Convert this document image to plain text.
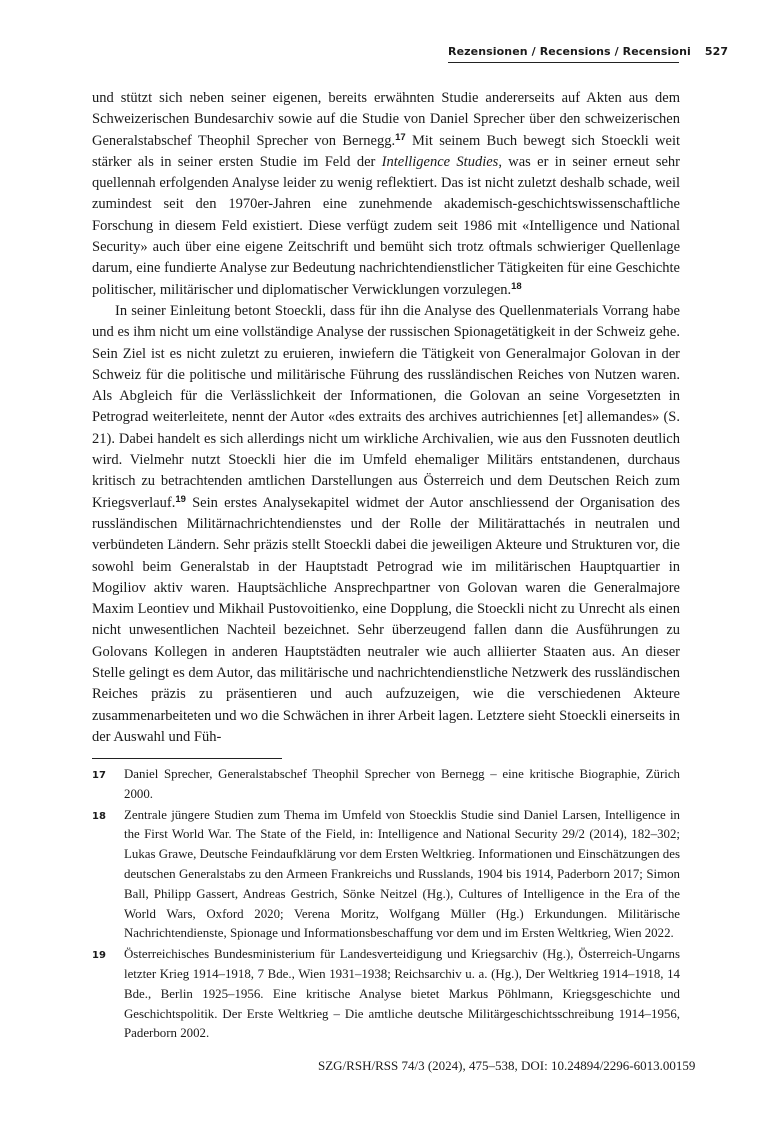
Rezensionen / Recensions / Recensioni 527

und stützt sich neben seiner eigenen, bereits erwähnten Studie andererseits auf Akten aus dem Schweizerischen Bundesarchiv sowie auf die Studie von Daniel Sprecher über den schweizerischen Generalstabschef Theophil Sprecher von Bernegg.$^{17}$ Mit seinem Buch bewegt sich Stoeckli weit stärker als in seiner ersten Studie im Feld der Intelligence Studies, was er in seiner erneut sehr quellennah erfolgenden Analyse leider zu wenig reflektiert. Das ist nicht zuletzt deshalb schade, weil zumindest seit den 1970er-Jahren eine zunehmende akademisch-geschichtswissenschaftliche Forschung in diesem Feld existiert. Diese verfügt zudem seit 1986 mit «Intelligence und National Security» auch über eine eigene Zeitschrift und bemüht sich trotz oftmals schwieriger Quellenlage darum, eine fundierte Analyse zur Bedeutung nachrichtendienstlicher Tätigkeiten für eine Geschichte politischer, militärischer und diplomatischer Verwicklungen vorzulegen.$^{18}$

In seiner Einleitung betont Stoeckli, dass für ihn die Analyse des Quellenmaterials Vorrang habe und es ihm nicht um eine vollständige Analyse der russischen Spionagetätigkeit in der Schweiz gehe. Sein Ziel ist es nicht zuletzt zu eruieren, inwiefern die Tätigkeit von Generalmajor Golovan in der Schweiz für die politische und militärische Führung des russländischen Reiches von Nutzen waren. Als Abgleich für die Verlässlichkeit der Informationen, die Golovan an seine Vorgesetzten in Petrograd weiterleitete, nennt der Autor «des extraits des archives autrichiennes [et] allemandes» (S. 21). Dabei handelt es sich allerdings nicht um wirkliche Archivalien, wie aus den Fussnoten deutlich wird. Vielmehr nutzt Stoeckli hier die im Umfeld ehemaliger Militärs entstandenen, durchaus kritisch zu betrachtenden amtlichen Darstellungen aus Österreich und dem Deutschen Reich zum Kriegsverlauf.$^{19}$ Sein erstes Analysekapitel widmet der Autor anschliessend der Organisation des russländischen Militärnachrichtendienstes und der Rolle der Militärattachés in neutralen und verbündeten Ländern. Sehr präzis stellt Stoeckli dabei die jeweiligen Akteure und Strukturen vor, die sowohl beim Generalstab in der Hauptstadt Petrograd wie im militärischen Hauptquartier in Mogiliov aktiv waren. Hauptsächliche Ansprechpartner von Golovan waren die Generalmajore Maxim Leontiev und Mikhail Pustovoitienko, eine Dopplung, die Stoeckli nicht zu Unrecht als einen nicht unwesentlichen Nachteil bezeichnet. Sehr überzeugend fallen dann die Ausführungen zu Golovans Kollegen in anderen Hauptstädten neutraler wie auch alliierter Staaten aus. An dieser Stelle gelingt es dem Autor, das militärische und nachrichtendienstliche Netzwerk des russländischen Reiches präzis zu präsentieren und auch aufzuzeigen, wie die verschiedenen Akteure zusammenarbeiteten und wo die Schwächen in ihrer Arbeit lagen. Letztere sieht Stoeckli einerseits in der Auswahl und Füh-

17 Daniel Sprecher, Generalstabschef Theophil Sprecher von Bernegg – eine kritische Biographie, Zürich 2000.
18 Zentrale jüngere Studien zum Thema im Umfeld von Stoecklis Studie sind Daniel Larsen, Intelligence in the First World War. The State of the Field, in: Intelligence and National Security 29/2 (2014), 182–302; Lukas Grawe, Deutsche Feindaufklärung vor dem Ersten Weltkrieg. Informationen und Einschätzungen des deutschen Generalstabs zu den Armeen Frankreichs und Russlands, 1904 bis 1914, Paderborn 2017; Simon Ball, Philipp Gassert, Andreas Gestrich, Sönke Neitzel (Hg.), Cultures of Intelligence in the Era of the World Wars, Oxford 2020; Verena Moritz, Wolfgang Müller (Hg.) Erkundungen. Militärische Nachrichtendienste, Spionage und Informationsbeschaffung vor dem und im Ersten Weltkrieg, Wien 2022.
19 Österreichisches Bundesministerium für Landesverteidigung und Kriegsarchiv (Hg.), Österreich-Ungarns letzter Krieg 1914–1918, 7 Bde., Wien 1931–1938; Reichsarchiv u. a. (Hg.), Der Weltkrieg 1914–1918, 14 Bde., Berlin 1925–1956. Eine kritische Analyse bietet Markus Pöhlmann, Kriegsgeschichte und Geschichtspolitik. Der Erste Weltkrieg – Die amtliche deutsche Militärgeschichtsschreibung 1914–1956, Paderborn 2002.
SZG/RSH/RSS 74/3 (2024), 475–538, DOI: 10.24894/2296-6013.00159
